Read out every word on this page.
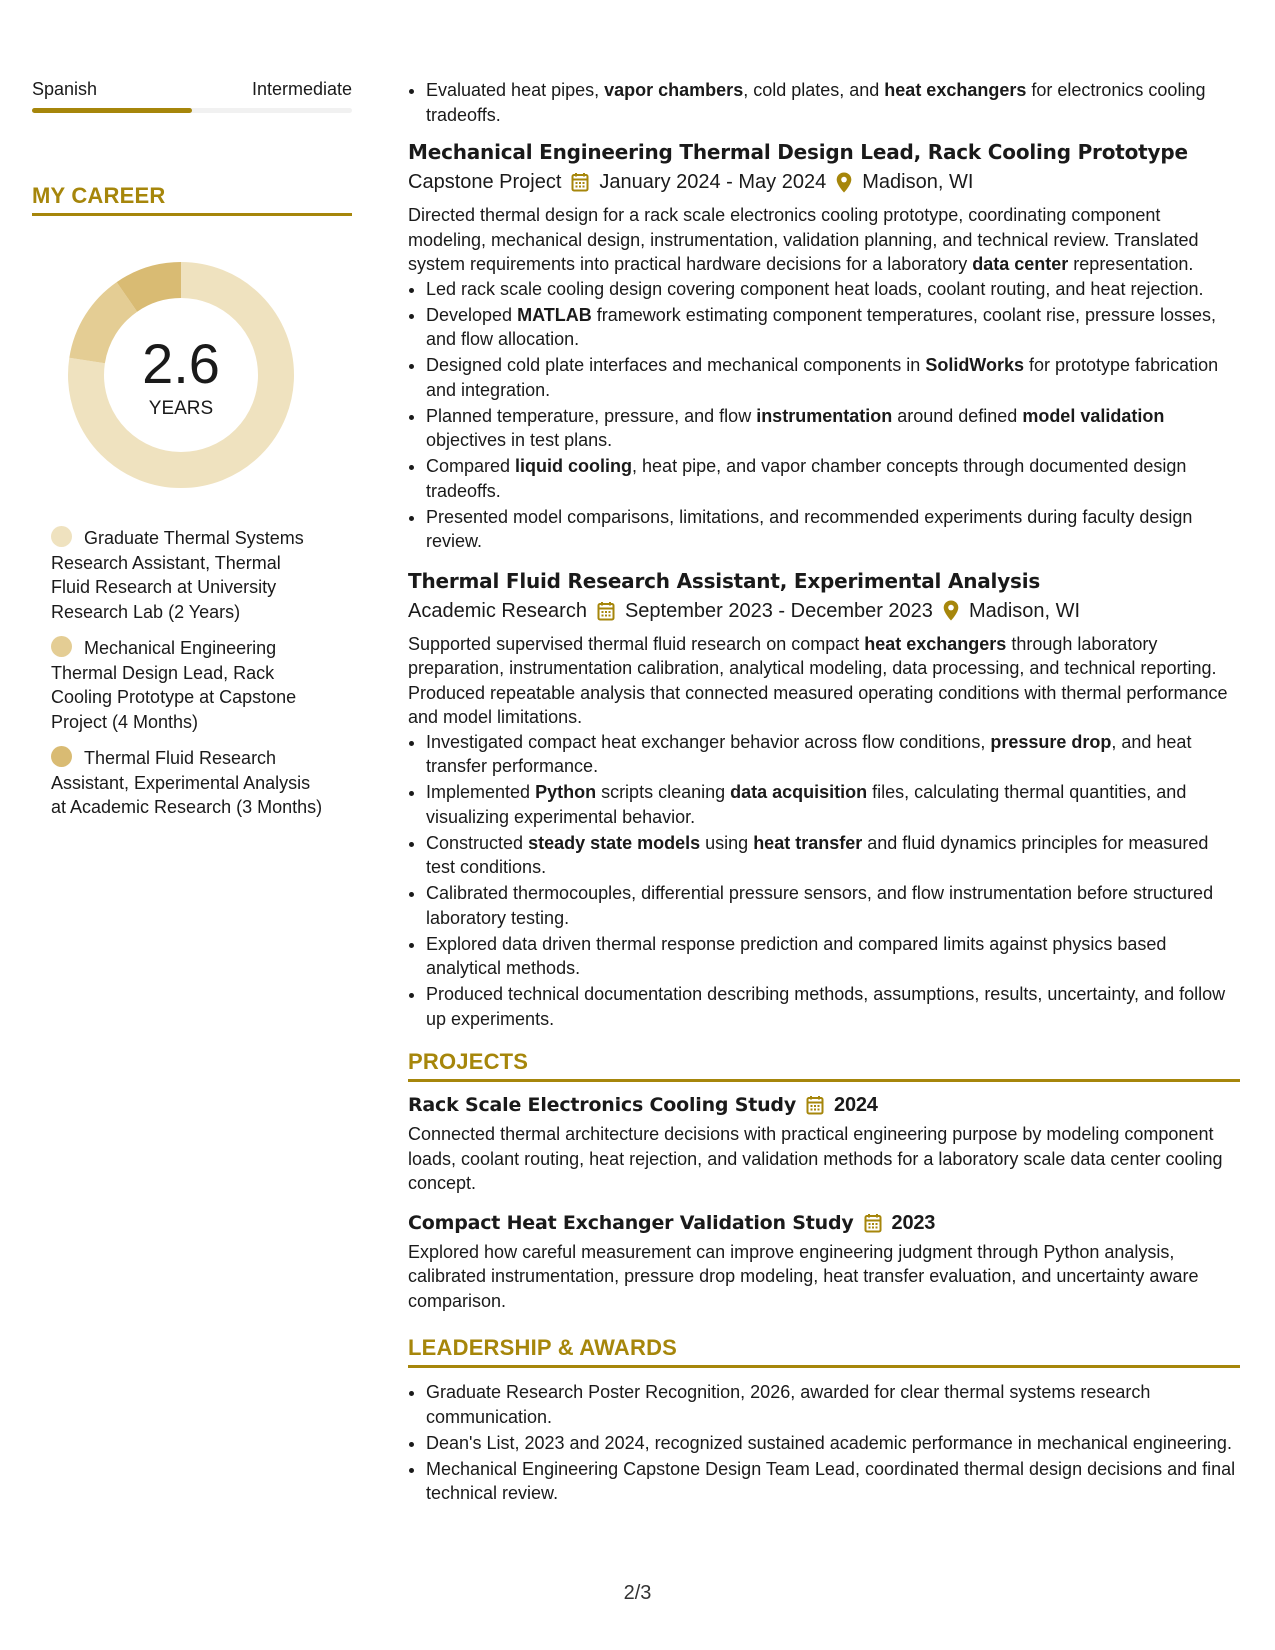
Spanish	Intermediate
MY CAREER
2.6
YEARS
Graduate Thermal Systems Research Assistant, Thermal Fluid Research at University Research Lab (2 Years)
Mechanical Engineering Thermal Design Lead, Rack Cooling Prototype at Capstone Project (4 Months)
Thermal Fluid Research Assistant, Experimental Analysis at Academic Research (3 Months)
• Evaluated heat pipes, vapor chambers, cold plates, and heat exchangers for electronics cooling tradeoffs.
Mechanical Engineering Thermal Design Lead, Rack Cooling Prototype
Capstone Project January 2024 - May 2024 Madison, WI

Directed thermal design for a rack scale electronics cooling prototype, coordinating component modeling, mechanical design, instrumentation, validation planning, and technical review. Translated system requirements into practical hardware decisions for a laboratory data center representation.

• Led rack scale cooling design covering component heat loads, coolant routing, and heat rejection.
• Developed MATLAB framework estimating component temperatures, coolant rise, pressure losses, and flow allocation.
• Designed cold plate interfaces and mechanical components in SolidWorks for prototype fabrication and integration.
• Planned temperature, pressure, and flow instrumentation around defined model validation objectives in test plans.
• Compared liquid cooling, heat pipe, and vapor chamber concepts through documented design tradeoffs.
• Presented model comparisons, limitations, and recommended experiments during faculty design review.
Thermal Fluid Research Assistant, Experimental Analysis
Academic Research September 2023 - December 2023 Madison, WI

Supported supervised thermal fluid research on compact heat exchangers through laboratory preparation, instrumentation calibration, analytical modeling, data processing, and technical reporting. Produced repeatable analysis that connected measured operating conditions with thermal performance and model limitations.

• Investigated compact heat exchanger behavior across flow conditions, pressure drop, and heat transfer performance.
• Implemented Python scripts cleaning data acquisition files, calculating thermal quantities, and visualizing experimental behavior.
• Constructed steady state models using heat transfer and fluid dynamics principles for measured test conditions.
• Calibrated thermocouples, differential pressure sensors, and flow instrumentation before structured laboratory testing.
• Explored data driven thermal response prediction and compared limits against physics based analytical methods.
• Produced technical documentation describing methods, assumptions, results, uncertainty, and follow up experiments.
PROJECTS
Rack Scale Electronics Cooling Study 2024

Connected thermal architecture decisions with practical engineering purpose by modeling component loads, coolant routing, heat rejection, and validation methods for a laboratory scale data center cooling concept.

Compact Heat Exchanger Validation Study 2023

Explored how careful measurement can improve engineering judgment through Python analysis, calibrated instrumentation, pressure drop modeling, heat transfer evaluation, and uncertainty aware comparison.

LEADERSHIP & AWARDS
• Graduate Research Poster Recognition, 2026, awarded for clear thermal systems research communication.
• Dean's List, 2023 and 2024, recognized sustained academic performance in mechanical engineering.
• Mechanical Engineering Capstone Design Team Lead, coordinated thermal design decisions and final technical review.
2/3
